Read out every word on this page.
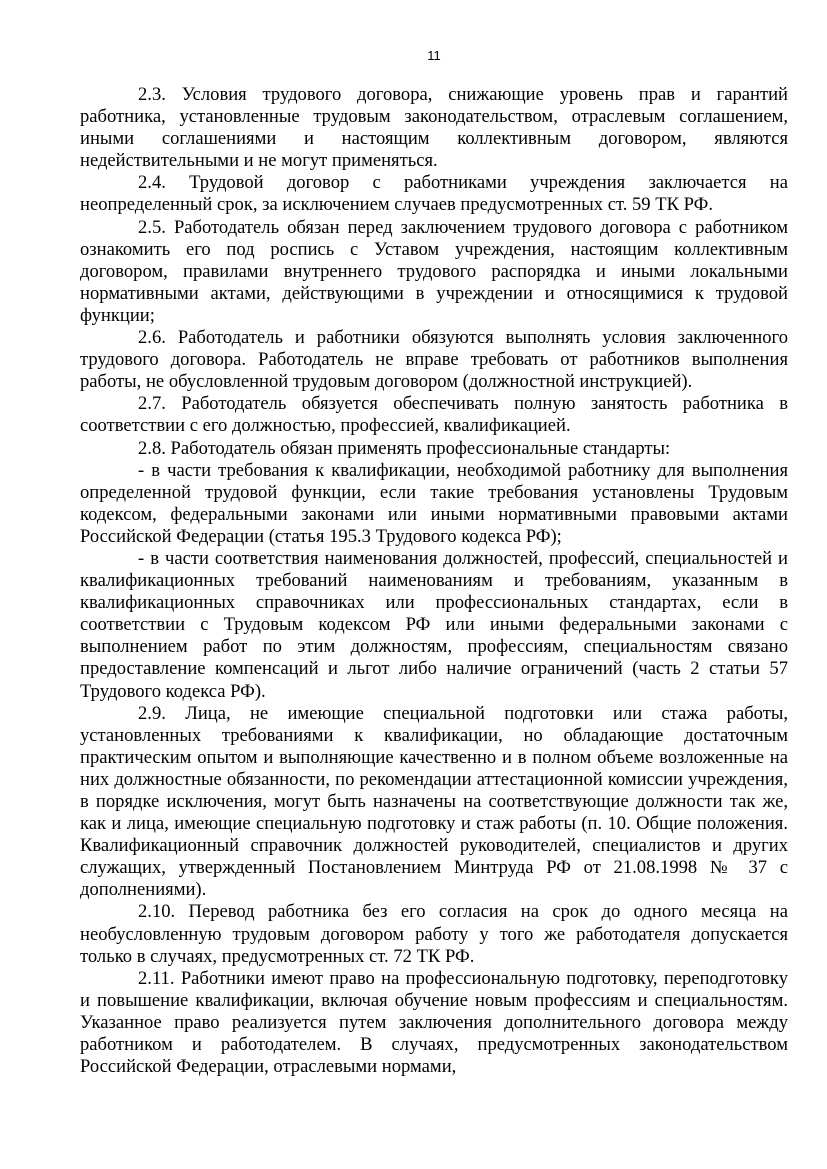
11

2.3. Условия трудового договора, снижающие уровень прав и гарантий работника, установленные трудовым законодательством, отраслевым соглашением, иными соглашениями и настоящим коллективным договором, являются недействительными и не могут применяться.

2.4. Трудовой договор с работниками учреждения заключается на неопределенный срок, за исключением случаев предусмотренных ст. 59 ТК РФ.

2.5. Работодатель обязан перед заключением трудового договора с работником ознакомить его под роспись с Уставом учреждения, настоящим коллективным договором, правилами внутреннего трудового распорядка и иными локальными нормативными актами, действующими в учреждении и относящимися к трудовой функции;

2.6. Работодатель и работники обязуются выполнять условия заключенного трудового договора. Работодатель не вправе требовать от работников выполнения работы, не обусловленной трудовым договором (должностной инструкцией).

2.7. Работодатель обязуется обеспечивать полную занятость работника в соответствии с его должностью, профессией, квалификацией.

2.8. Работодатель обязан применять профессиональные стандарты:

- в части требования к квалификации, необходимой работнику для выполнения определенной трудовой функции, если такие требования установлены Трудовым кодексом, федеральными законами или иными нормативными правовыми актами Российской Федерации (статья 195.3 Трудового кодекса РФ);

- в части соответствия наименования должностей, профессий, специальностей и квалификационных требований наименованиям и требованиям, указанным в квалификационных справочниках или профессиональных стандартах, если в соответствии с Трудовым кодексом РФ или иными федеральными законами с выполнением работ по этим должностям, профессиям, специальностям связано предоставление компенсаций и льгот либо наличие ограничений (часть 2 статьи 57 Трудового кодекса РФ).

2.9. Лица, не имеющие специальной подготовки или стажа работы, установленных требованиями к квалификации, но обладающие достаточным практическим опытом и выполняющие качественно и в полном объеме возложенные на них должностные обязанности, по рекомендации аттестационной комиссии учреждения, в порядке исключения, могут быть назначены на соответствующие должности так же, как и лица, имеющие специальную подготовку и стаж работы (п. 10. Общие положения. Квалификационный справочник должностей руководителей, специалистов и других служащих, утвержденный Постановлением Минтруда РФ от 21.08.1998 № 37 с дополнениями).

2.10. Перевод работника без его согласия на срок до одного месяца на необусловленную трудовым договором работу у того же работодателя допускается только в случаях, предусмотренных ст. 72 ТК РФ.

2.11. Работники имеют право на профессиональную подготовку, переподготовку и повышение квалификации, включая обучение новым профессиям и специальностям. Указанное право реализуется путем заключения дополнительного договора между работником и работодателем. В случаях, предусмотренных законодательством Российской Федерации, отраслевыми нормами,
